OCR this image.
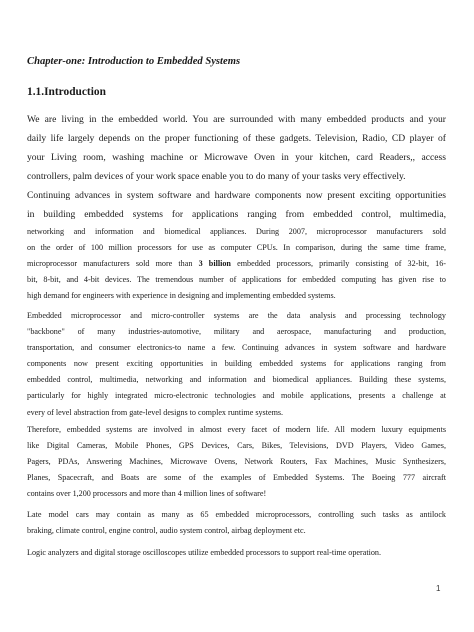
Chapter-one: Introduction to Embedded Systems
1.1.Introduction
We are living in the embedded world. You are surrounded with many embedded products and your
daily life largely depends on the proper functioning of these gadgets. Television, Radio, CD player of
your Living room, washing machine or Microwave Oven in your kitchen, card Readers,, access
controllers, palm devices of your work space enable you to do many of your tasks very effectively.
Continuing advances in system software and hardware components now present exciting opportunities
in building embedded systems for applications ranging from embedded control, multimedia,
networking and information and biomedical appliances. During 2007, microprocessor manufacturers sold
on the order of 100 million processors for use as computer CPUs. In comparison, during the same time frame,
microprocessor manufacturers sold more than 3 billion embedded processors, primarily consisting of 32-bit, 16-
bit, 8-bit, and 4-bit devices. The tremendous number of applications for embedded computing has given rise to
high demand for engineers with experience in designing and implementing embedded systems.
Embedded microprocessor and micro-controller systems are the data analysis and processing technology
"backbone" of many industries-automotive, military and aerospace, manufacturing and production,
transportation, and consumer electronics-to name a few. Continuing advances in system software and hardware
components now present exciting opportunities in building embedded systems for applications ranging from
embedded control, multimedia, networking and information and biomedical appliances. Building these systems,
particularly for highly integrated micro-electronic technologies and mobile applications, presents a challenge at
every of level abstraction from gate-level designs to complex runtime systems.
Therefore, embedded systems are involved in almost every facet of modern life. All modern luxury equipments
like Digital Cameras, Mobile Phones, GPS Devices, Cars, Bikes, Televisions, DVD Players, Video Games,
Pagers, PDAs, Answering Machines, Microwave Ovens, Network Routers, Fax Machines, Music Synthesizers,
Planes, Spacecraft, and Boats are some of the examples of Embedded Systems. The Boeing 777 aircraft
contains over 1,200 processors and more than 4 million lines of software!
Late model cars may contain as many as 65 embedded microprocessors, controlling such tasks as antilock
braking, climate control, engine control, audio system control, airbag deployment etc.
Logic analyzers and digital storage oscilloscopes utilize embedded processors to support real-time operation.
1
